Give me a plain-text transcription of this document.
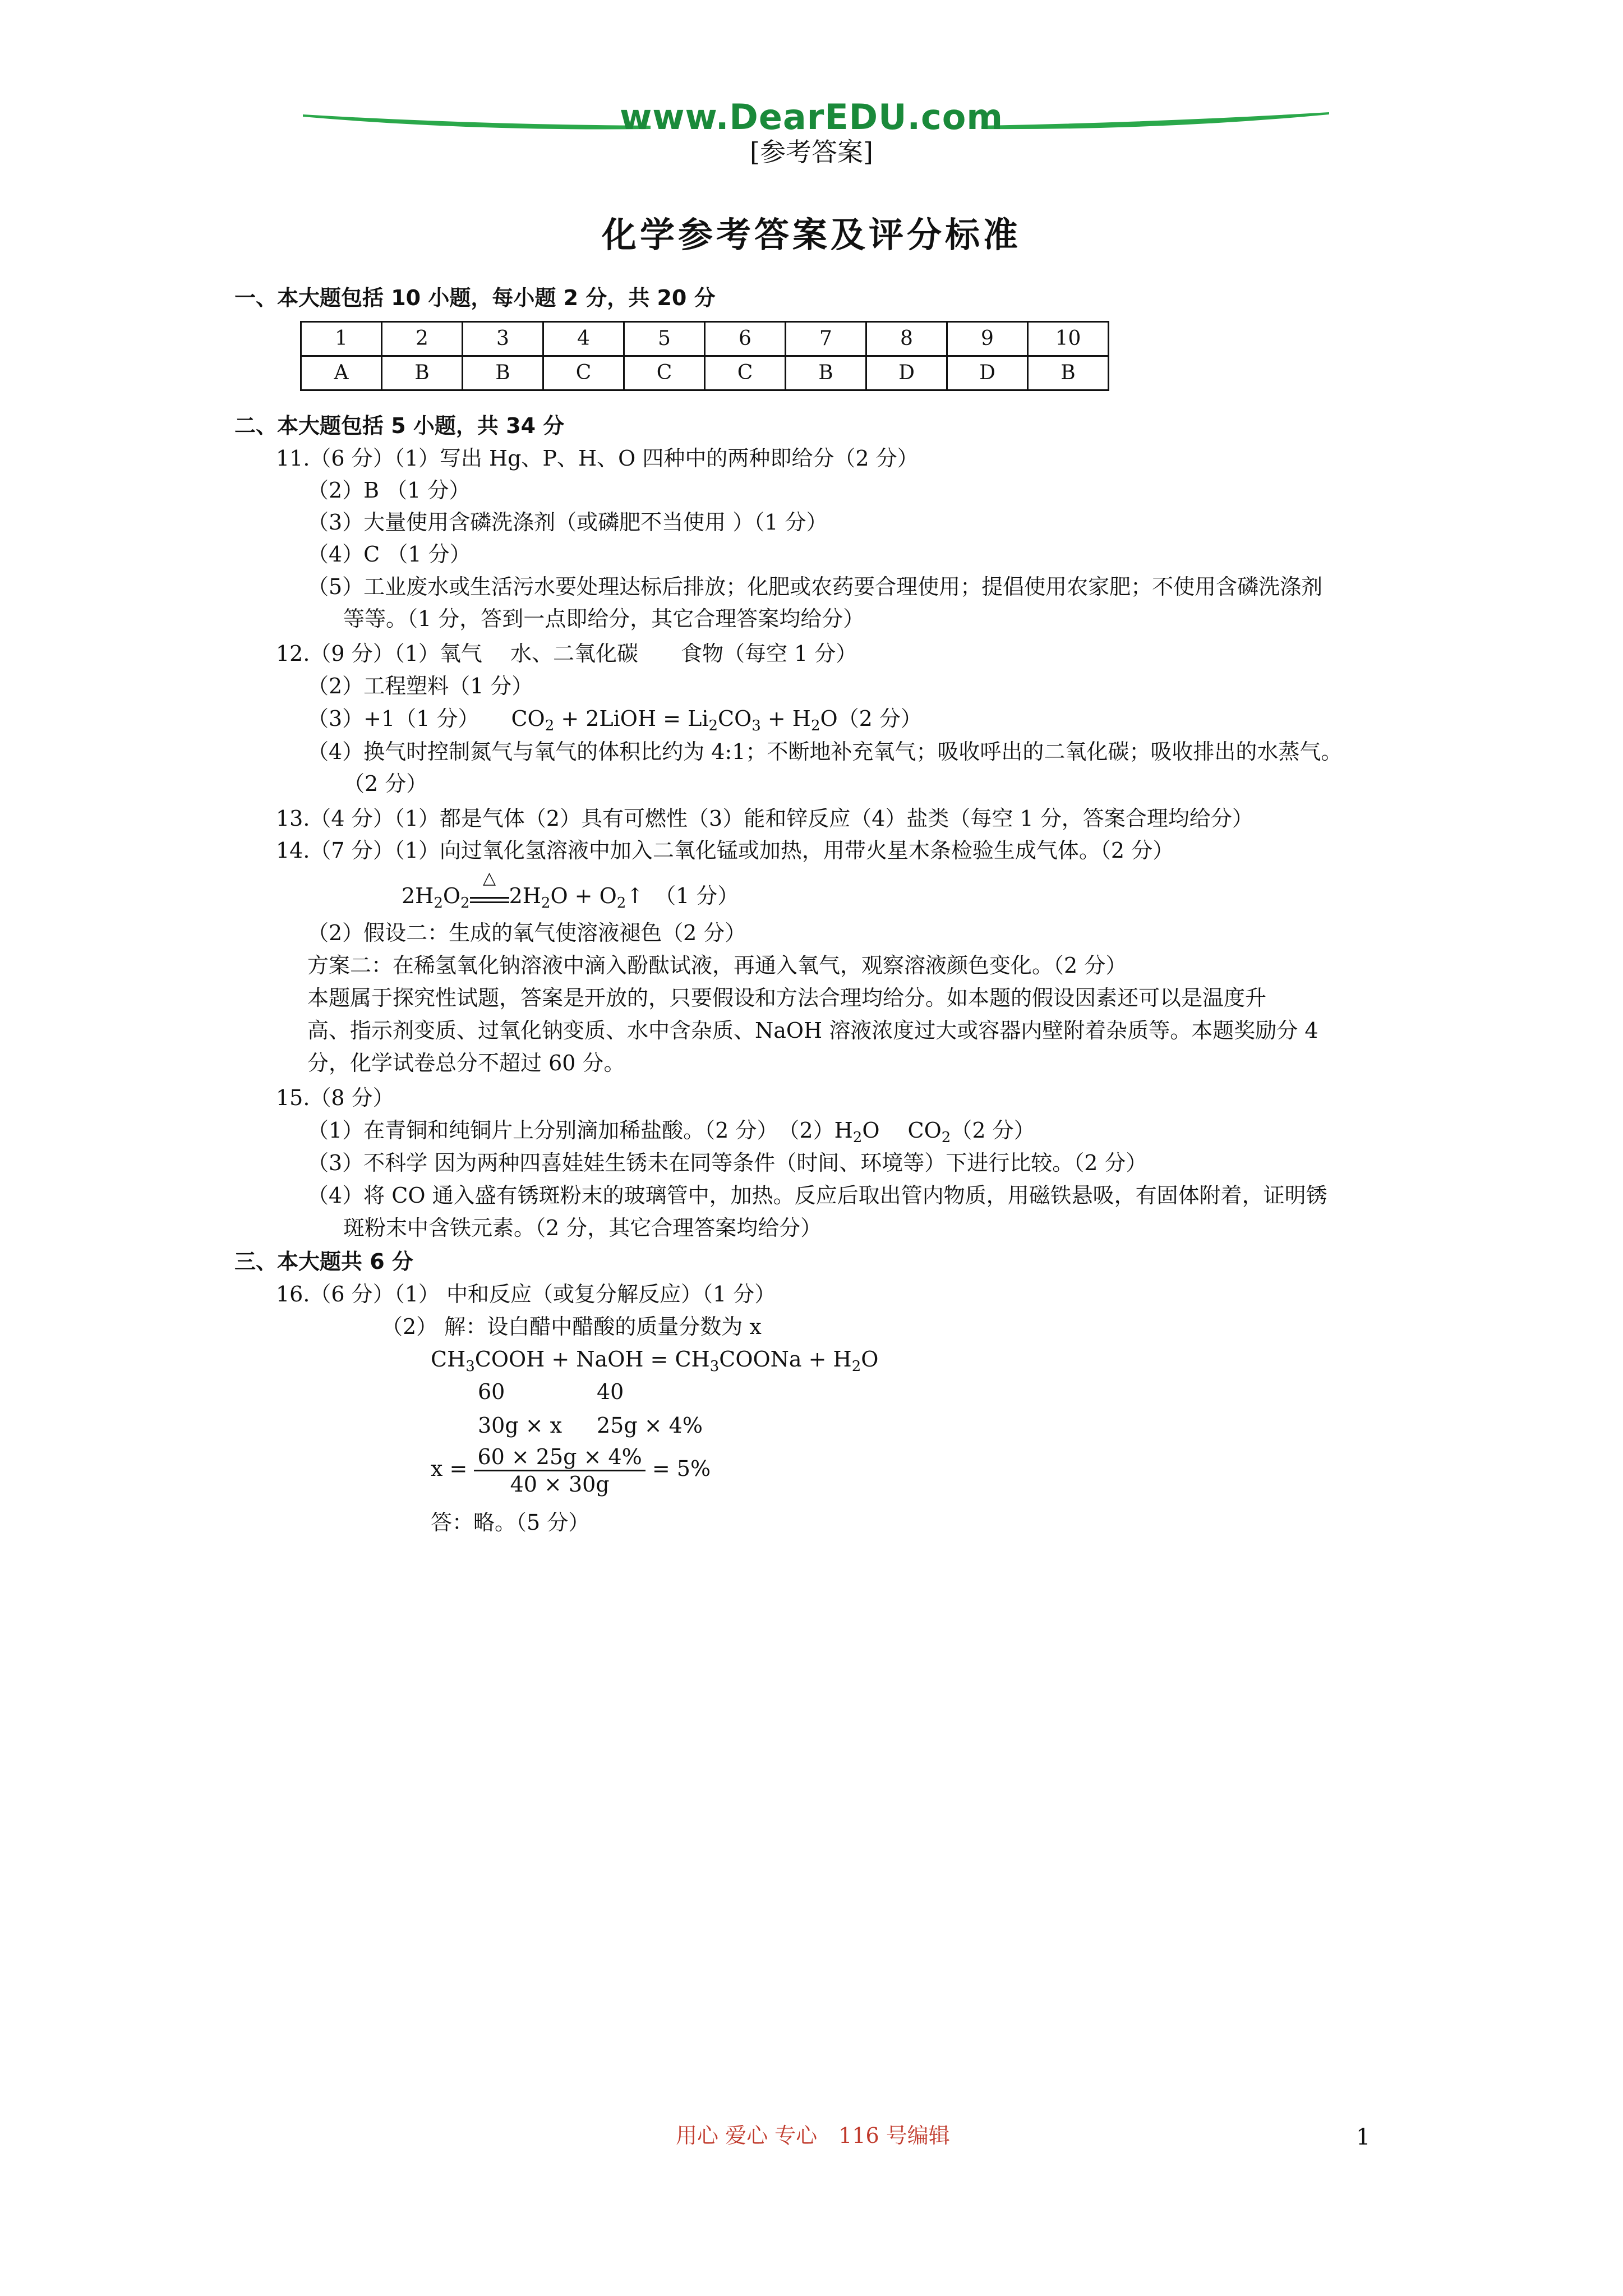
www.DearEDU.com
[参考答案]
化学参考答案及评分标准
一、本大题包括 10 小题，每小题 2 分，共 20 分
1	2	3	4	5	6	7	8	9	10
A	B	B	C	C	C	B	D	D	B
二、本大题包括 5 小题，共 34 分
11.（6 分）（1）写出 Hg、P、H、O 四种中的两种即给分（2 分）
（2）B （1 分）
（3）大量使用含磷洗涤剂（或磷肥不当使用 ）（1 分）
（4）C （1 分）
（5）工业废水或生活污水要处理达标后排放；化肥或农药要合理使用；提倡使用农家肥；不使用含磷洗涤剂
等等。（1 分，答到一点即给分，其它合理答案均给分）
12.（9 分）（1）氧气　 水、二氧化碳　　食物（每空 1 分）
（2）工程塑料（1 分）
（3）+1（1 分）　　$CO_2$ + 2LiOH = $Li_2CO_3 + H_2O(2$ 分）
（4）换气时控制氮气与氧气的体积比约为 4:1；不断地补充氧气；吸收呼出的二氧化碳；吸收排出的水蒸气。
（2 分）
13.（4 分）（1）都是气体（2）具有可燃性（3）能和锌反应（4）盐类（每空 1 分，答案合理均给分）
14.（7 分）（1）向过氧化氢溶液中加入二氧化锰或加热，用带火星木条检验生成气体。（2 分）
$2H_2O_2$
△
$2H_2O$ + $O_2↑$　（1 分）
（2）假设二：生成的氧气使溶液褪色（2 分）
方案二：在稀氢氧化钠溶液中滴入酚酞试液，再通入氧气，观察溶液颜色变化。（2 分）
本题属于探究性试题，答案是开放的，只要假设和方法合理均给分。如本题的假设因素还可以是温度升
高、指示剂变质、过氧化钠变质、水中含杂质、NaOH 溶液浓度过大或容器内壁附着杂质等。本题奖励分 4
分，化学试卷总分不超过 60 分。
15.（8 分）
（1）在青铜和纯铜片上分别滴加稀盐酸。（2 分）　$(2)H_2O$　 $CO_2(2$ 分）
（3）不科学 因为两种四喜娃娃生锈未在同等条件（时间、环境等）下进行比较。（2 分）
（4）将 CO 通入盛有锈斑粉末的玻璃管中，加热。反应后取出管内物质，用磁铁悬吸，有固体附着，证明锈
斑粉末中含铁元素。（2 分，其它合理答案均给分）
三、本大题共 6 分
16.（6 分）（1） 中和反应（或复分解反应）（1 分）
（2） 解：设白醋中醋酸的质量分数为 x
$CH_3COOH$ + NaOH = $CH_3COONa + H_2O$
60	40
30g × x 25g × 4%
$x = \frac{60 \times 25g \times 4\%}{40 \times 30g} = 5\%$
答：略。（5 分）
用心 爱心 专心　116 号编辑	1
